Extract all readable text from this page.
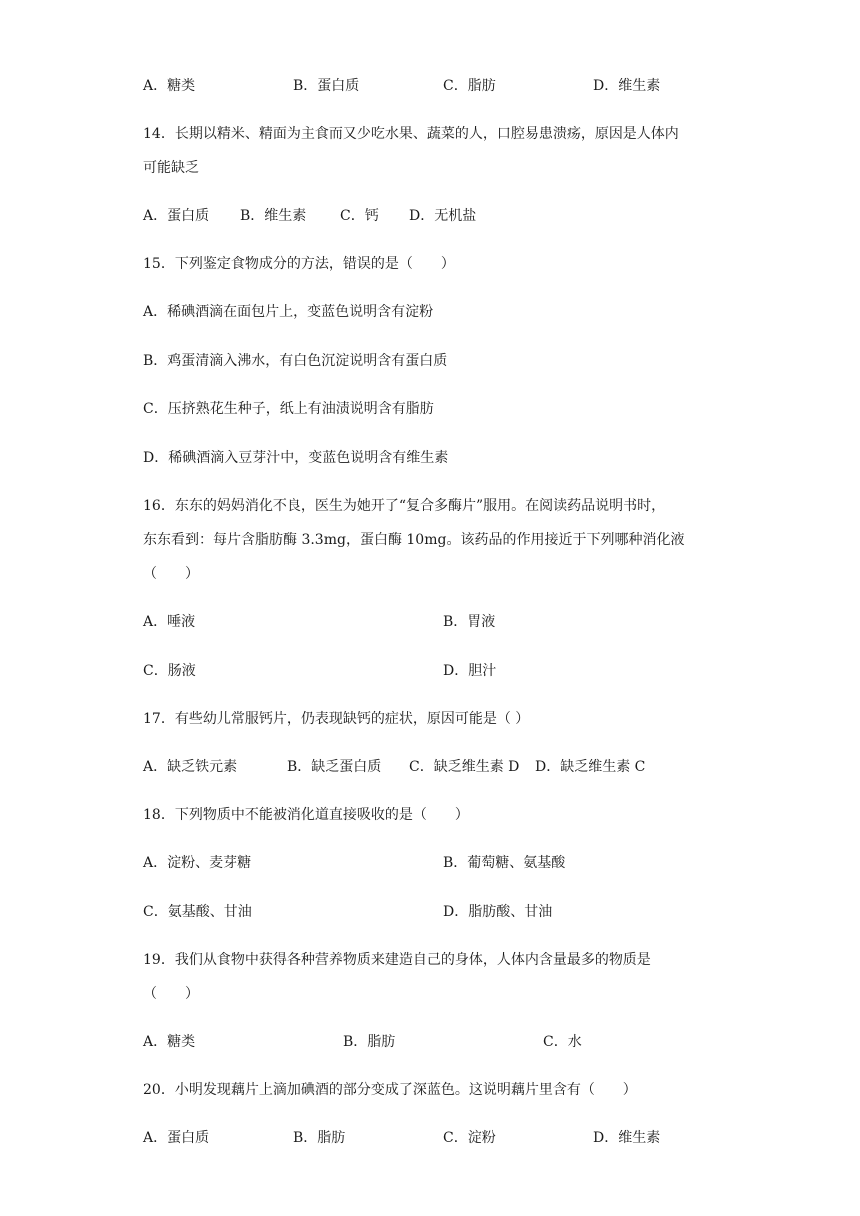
A．糖类	B．蛋白质	C．脂肪	D．维生素
14．长期以精米、精面为主食而又少吃水果、蔬菜的人，口腔易患溃疡，原因是人体内
可能缺乏
A．蛋白质 B．维生素 C．钙 D．无机盐
15．下列鉴定食物成分的方法，错误的是（　　）
A．稀碘酒滴在面包片上，变蓝色说明含有淀粉
B．鸡蛋清滴入沸水，有白色沉淀说明含有蛋白质
C．压挤熟花生种子，纸上有油渍说明含有脂肪
D．稀碘酒滴入豆芽汁中，变蓝色说明含有维生素
16．东东的妈妈消化不良，医生为她开了“复合多酶片”服用。在阅读药品说明书时，
东东看到：每片含脂肪酶 3.3mg，蛋白酶 10mg。该药品的作用接近于下列哪种消化液
（　　）
A．唾液	B．胃液
C．肠液	D．胆汁
17．有些幼儿常服钙片，仍表现缺钙的症状，原因可能是（ ）
A．缺乏铁元素	B．缺乏蛋白质 C．缺乏维生素 D D．缺乏维生素 C
18．下列物质中不能被消化道直接吸收的是（　　）
A．淀粉、麦芽糖	B．葡萄糖、氨基酸
C．氨基酸、甘油	D．脂肪酸、甘油
19．我们从食物中获得各种营养物质来建造自己的身体，人体内含量最多的物质是
（　　）
A．糖类	B．脂肪	C．水
20．小明发现藕片上滴加碘酒的部分变成了深蓝色。这说明藕片里含有（　　）
A．蛋白质	B．脂肪	C．淀粉	D．维生素
